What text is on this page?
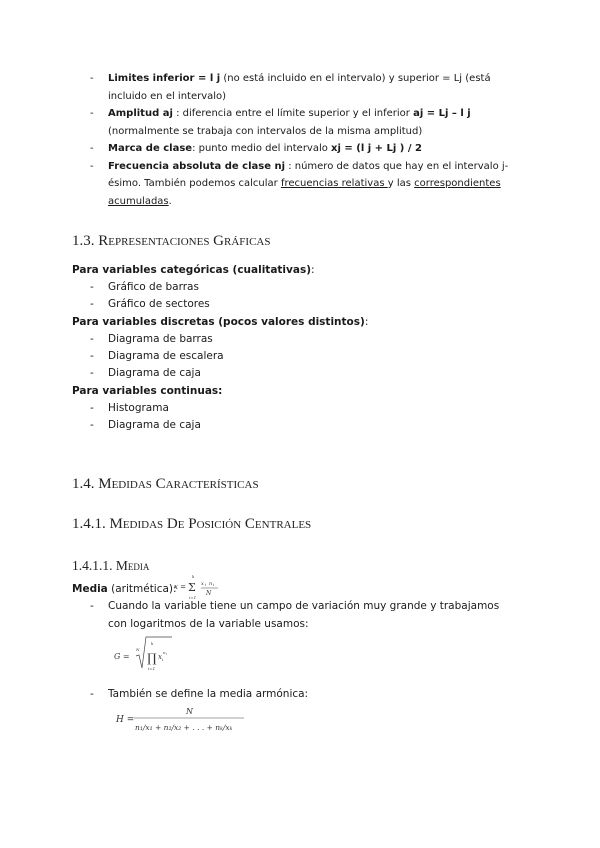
- Limites inferior = l j (no está incluido en el intervalo) y superior = Lj (está incluido en el intervalo)
- Amplitud aj : diferencia entre el límite superior y el inferior aj = Lj – l j (normalmente se trabaja con intervalos de la misma amplitud)
- Marca de clase: punto medio del intervalo xj = (l j + Lj ) / 2
- Frecuencia absoluta de clase nj : número de datos que hay en el intervalo j-ésimo. También podemos calcular frecuencias relativas y las correspondientes acumuladas.
1.3. Representaciones Gráficas
Para variables categóricas (cualitativas):
- Gráfico de barras
- Gráfico de sectores
Para variables discretas (pocos valores distintos):
- Diagrama de barras
- Diagrama de escalera
- Diagrama de caja
Para variables continuas:
- Histograma
- Diagrama de caja
1.4. Medidas Características
1.4.1. Medidas De Posición Centrales
1.4.1.1. Media
Media (aritmética):
x = Σ
k
i=1
x i n i
N
- Cuando la variable tiene un campo de variación muy grande y trabajamos con logaritmos de la variable usamos:
G =
N
∏
k
i=1
x i
n i
- También se define la media armónica:
H =
N
n₁/x₁ + n₂/x₂ + . . . + nₖ/xₖ
